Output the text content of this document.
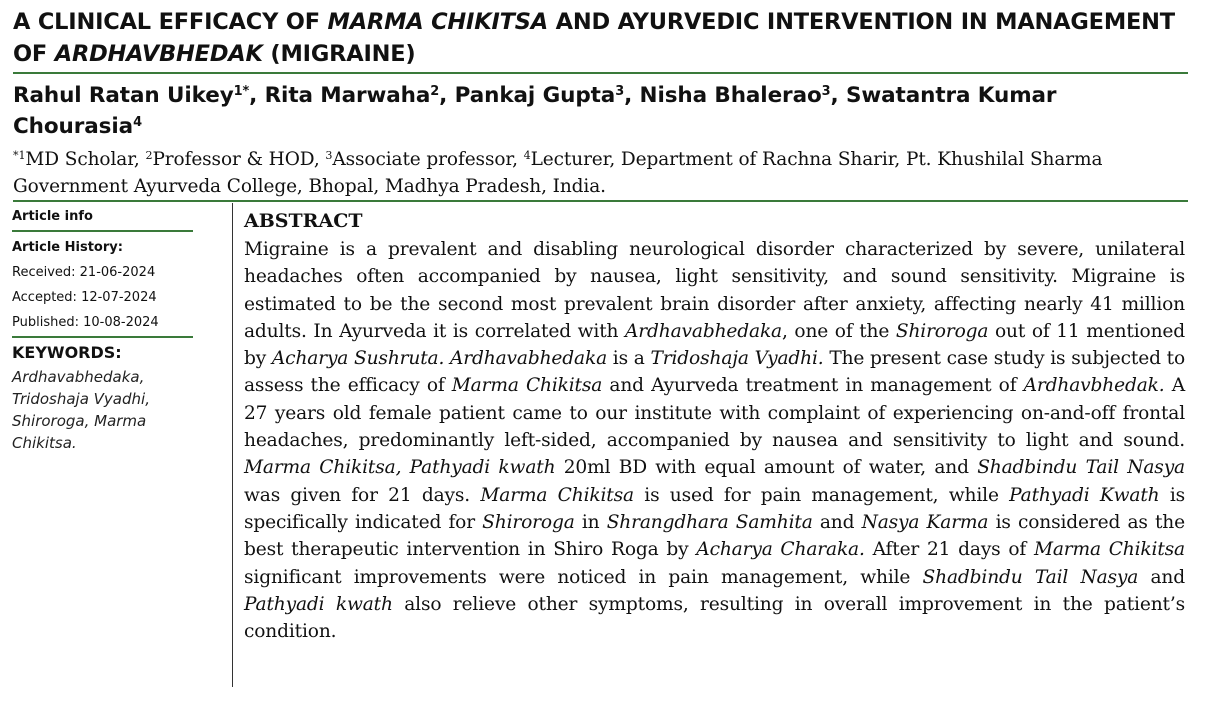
A CLINICAL EFFICACY OF MARMA CHIKITSA AND AYURVEDIC INTERVENTION IN MANAGEMENT OF ARDHAVBHEDAK (MIGRAINE)

Rahul Ratan Uikey$^{1*}$, Rita Marwaha$^2$, Pankaj Gupta$^3$, Nisha Bhalerao$^3$, Swatantra Kumar Chourasia$^4$

$^{*1}$MD Scholar, $^2$Professor & HOD, $^3$Associate professor, $^4$Lecturer, Department of Rachna Sharir, Pt. Khushilal Sharma Government Ayurveda College, Bhopal, Madhya Pradesh, India.

Article info
Article History:
Received: 21-06-2024
Accepted: 12-07-2024
Published: 10-08-2024
KEYWORDS:
Ardhavabhedaka, Tridoshaja Vyadhi, Shiroroga, Marma Chikitsa.
ABSTRACT

Migraine is a prevalent and disabling neurological disorder characterized by severe, unilateral headaches often accompanied by nausea, light sensitivity, and sound sensitivity. Migraine is estimated to be the second most prevalent brain disorder after anxiety, affecting nearly 41 million adults. In Ayurveda it is correlated with Ardhavabhedaka, one of the Shiroroga out of 11 mentioned by Acharya Sushruta. Ardhavabhedaka is a Tridoshaja Vyadhi. The present case study is subjected to assess the efficacy of Marma Chikitsa and Ayurveda treatment in management of Ardhavbhedak. A 27 years old female patient came to our institute with complaint of experiencing on-and-off frontal headaches, predominantly left-sided, accompanied by nausea and sensitivity to light and sound. Marma Chikitsa, Pathyadi kwath 20ml BD with equal amount of water, and Shadbindu Tail Nasya was given for 21 days. Marma Chikitsa is used for pain management, while Pathyadi Kwath is specifically indicated for Shiroroga in Shrangdhara Samhita and Nasya Karma is considered as the best therapeutic intervention in Shiro Roga by Acharya Charaka. After 21 days of Marma Chikitsa significant improvements were noticed in pain management, while Shadbindu Tail Nasya and Pathyadi kwath also relieve other symptoms, resulting in overall improvement in the patient’s condition.
